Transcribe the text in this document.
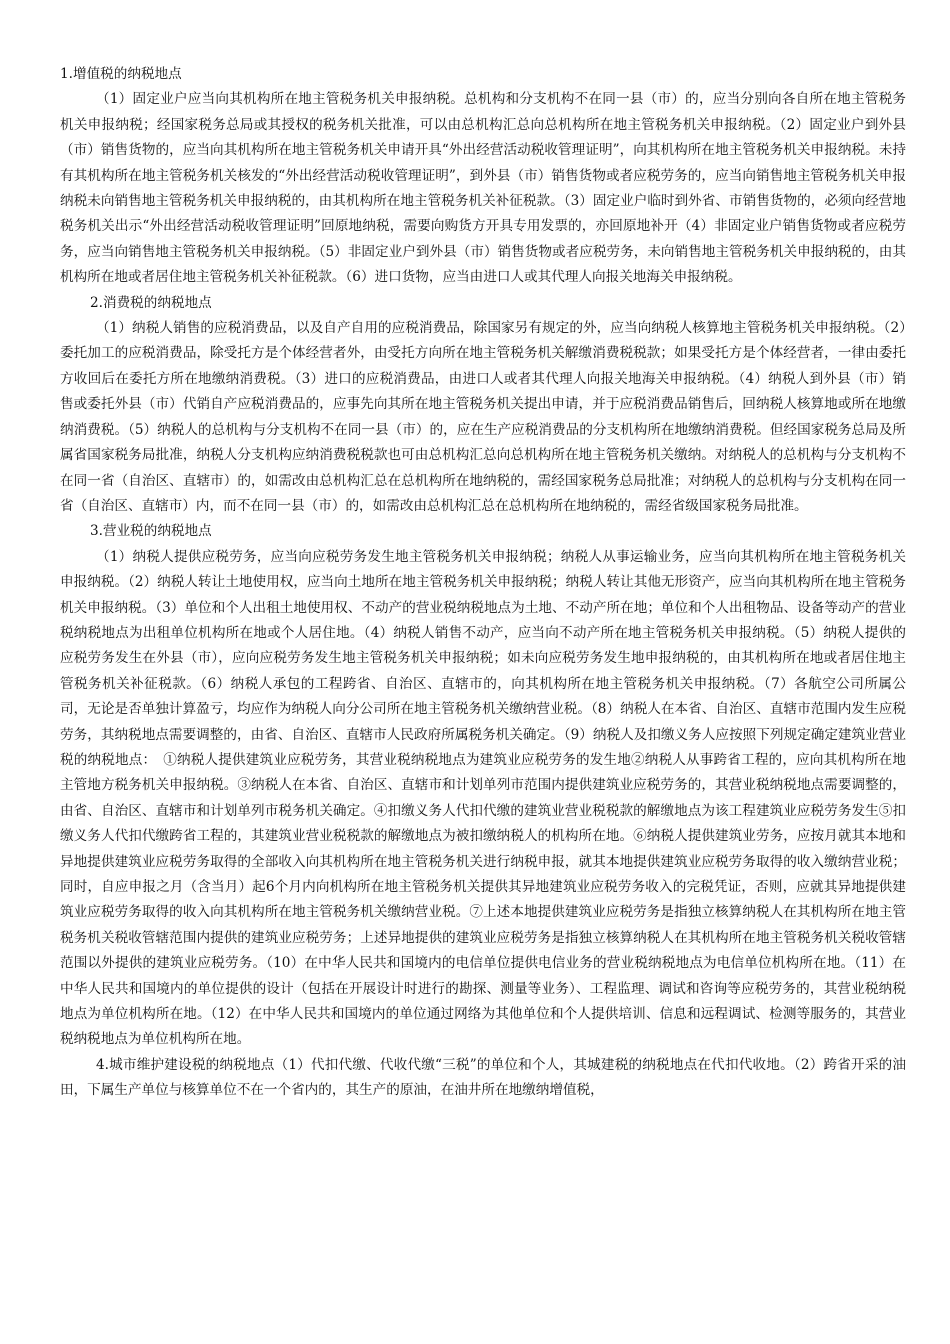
1.增值税的纳税地点

（1）固定业户应当向其机构所在地主管税务机关申报纳税。总机构和分支机构不在同一县（市）的，应当分别向各自所在地主管税务机关申报纳税；经国家税务总局或其授权的税务机关批准，可以由总机构汇总向总机构所在地主管税务机关申报纳税。（2）固定业户到外县（市）销售货物的，应当向其机构所在地主管税务机关申请开具“外出经营活动税收管理证明”，向其机构所在地主管税务机关申报纳税。未持有其机构所在地主管税务机关核发的“外出经营活动税收管理证明”，到外县（市）销售货物或者应税劳务的，应当向销售地主管税务机关申报纳税未向销售地主管税务机关申报纳税的，由其机构所在地主管税务机关补征税款。（3）固定业户临时到外省、市销售货物的，必须向经营地税务机关出示“外出经营活动税收管理证明”回原地纳税，需要向购货方开具专用发票的，亦回原地补开（4）非固定业户销售货物或者应税劳务，应当向销售地主管税务机关申报纳税。（5）非固定业户到外县（市）销售货物或者应税劳务，未向销售地主管税务机关申报纳税的，由其机构所在地或者居住地主管税务机关补征税款。（6）进口货物，应当由进口人或其代理人向报关地海关申报纳税。

2.消费税的纳税地点

（1）纳税人销售的应税消费品，以及自产自用的应税消费品，除国家另有规定的外，应当向纳税人核算地主管税务机关申报纳税。（2）委托加工的应税消费品，除受托方是个体经营者外，由受托方向所在地主管税务机关解缴消费税税款；如果受托方是个体经营者，一律由委托方收回后在委托方所在地缴纳消费税。（3）进口的应税消费品，由进口人或者其代理人向报关地海关申报纳税。（4）纳税人到外县（市）销售或委托外县（市）代销自产应税消费品的，应事先向其所在地主管税务机关提出申请，并于应税消费品销售后，回纳税人核算地或所在地缴纳消费税。（5）纳税人的总机构与分支机构不在同一县（市）的，应在生产应税消费品的分支机构所在地缴纳消费税。但经国家税务总局及所属省国家税务局批准，纳税人分支机构应纳消费税税款也可由总机构汇总向总机构所在地主管税务机关缴纳。对纳税人的总机构与分支机构不在同一省（自治区、直辖市）的，如需改由总机构汇总在总机构所在地纳税的，需经国家税务总局批准；对纳税人的总机构与分支机构在同一省（自治区、直辖市）内，而不在同一县（市）的，如需改由总机构汇总在总机构所在地纳税的，需经省级国家税务局批准。

3.营业税的纳税地点

（1）纳税人提供应税劳务，应当向应税劳务发生地主管税务机关申报纳税；纳税人从事运输业务，应当向其机构所在地主管税务机关申报纳税。（2）纳税人转让土地使用权，应当向土地所在地主管税务机关申报纳税；纳税人转让其他无形资产，应当向其机构所在地主管税务机关申报纳税。（3）单位和个人出租土地使用权、不动产的营业税纳税地点为土地、不动产所在地；单位和个人出租物品、设备等动产的营业税纳税地点为出租单位机构所在地或个人居住地。（4）纳税人销售不动产，应当向不动产所在地主管税务机关申报纳税。（5）纳税人提供的应税劳务发生在外县（市），应向应税劳务发生地主管税务机关申报纳税；如未向应税劳务发生地申报纳税的，由其机构所在地或者居住地主管税务机关补征税款。（6）纳税人承包的工程跨省、自治区、直辖市的，向其机构所在地主管税务机关申报纳税。（7）各航空公司所属公司，无论是否单独计算盈亏，均应作为纳税人向分公司所在地主管税务机关缴纳营业税。（8）纳税人在本省、自治区、直辖市范围内发生应税劳务，其纳税地点需要调整的，由省、自治区、直辖市人民政府所属税务机关确定。（9）纳税人及扣缴义务人应按照下列规定确定建筑业营业税的纳税地点：　①纳税人提供建筑业应税劳务，其营业税纳税地点为建筑业应税劳务的发生地②纳税人从事跨省工程的，应向其机构所在地主管地方税务机关申报纳税。③纳税人在本省、自治区、直辖市和计划单列市范围内提供建筑业应税劳务的，其营业税纳税地点需要调整的，由省、自治区、直辖市和计划单列市税务机关确定。④扣缴义务人代扣代缴的建筑业营业税税款的解缴地点为该工程建筑业应税劳务发生⑤扣缴义务人代扣代缴跨省工程的，其建筑业营业税税款的解缴地点为被扣缴纳税人的机构所在地。⑥纳税人提供建筑业劳务，应按月就其本地和异地提供建筑业应税劳务取得的全部收入向其机构所在地主管税务机关进行纳税申报，就其本地提供建筑业应税劳务取得的收入缴纳营业税；同时，自应申报之月（含当月）起6个月内向机构所在地主管税务机关提供其异地建筑业应税劳务收入的完税凭证，否则，应就其异地提供建筑业应税劳务取得的收入向其机构所在地主管税务机关缴纳营业税。⑦上述本地提供建筑业应税劳务是指独立核算纳税人在其机构所在地主管税务机关税收管辖范围内提供的建筑业应税劳务；上述异地提供的建筑业应税劳务是指独立核算纳税人在其机构所在地主管税务机关税收管辖范围以外提供的建筑业应税劳务。（10）在中华人民共和国境内的电信单位提供电信业务的营业税纳税地点为电信单位机构所在地。（11）在中华人民共和国境内的单位提供的设计（包括在开展设计时进行的勘探、测量等业务）、工程监理、调试和咨询等应税劳务的，其营业税纳税地点为单位机构所在地。（12）在中华人民共和国境内的单位通过网络为其他单位和个人提供培训、信息和远程调试、检测等服务的，其营业税纳税地点为单位机构所在地。

4.城市维护建设税的纳税地点（1）代扣代缴、代收代缴“三税”的单位和个人，其城建税的纳税地点在代扣代收地。（2）跨省开采的油田，下属生产单位与核算单位不在一个省内的，其生产的原油，在油井所在地缴纳增值税，
